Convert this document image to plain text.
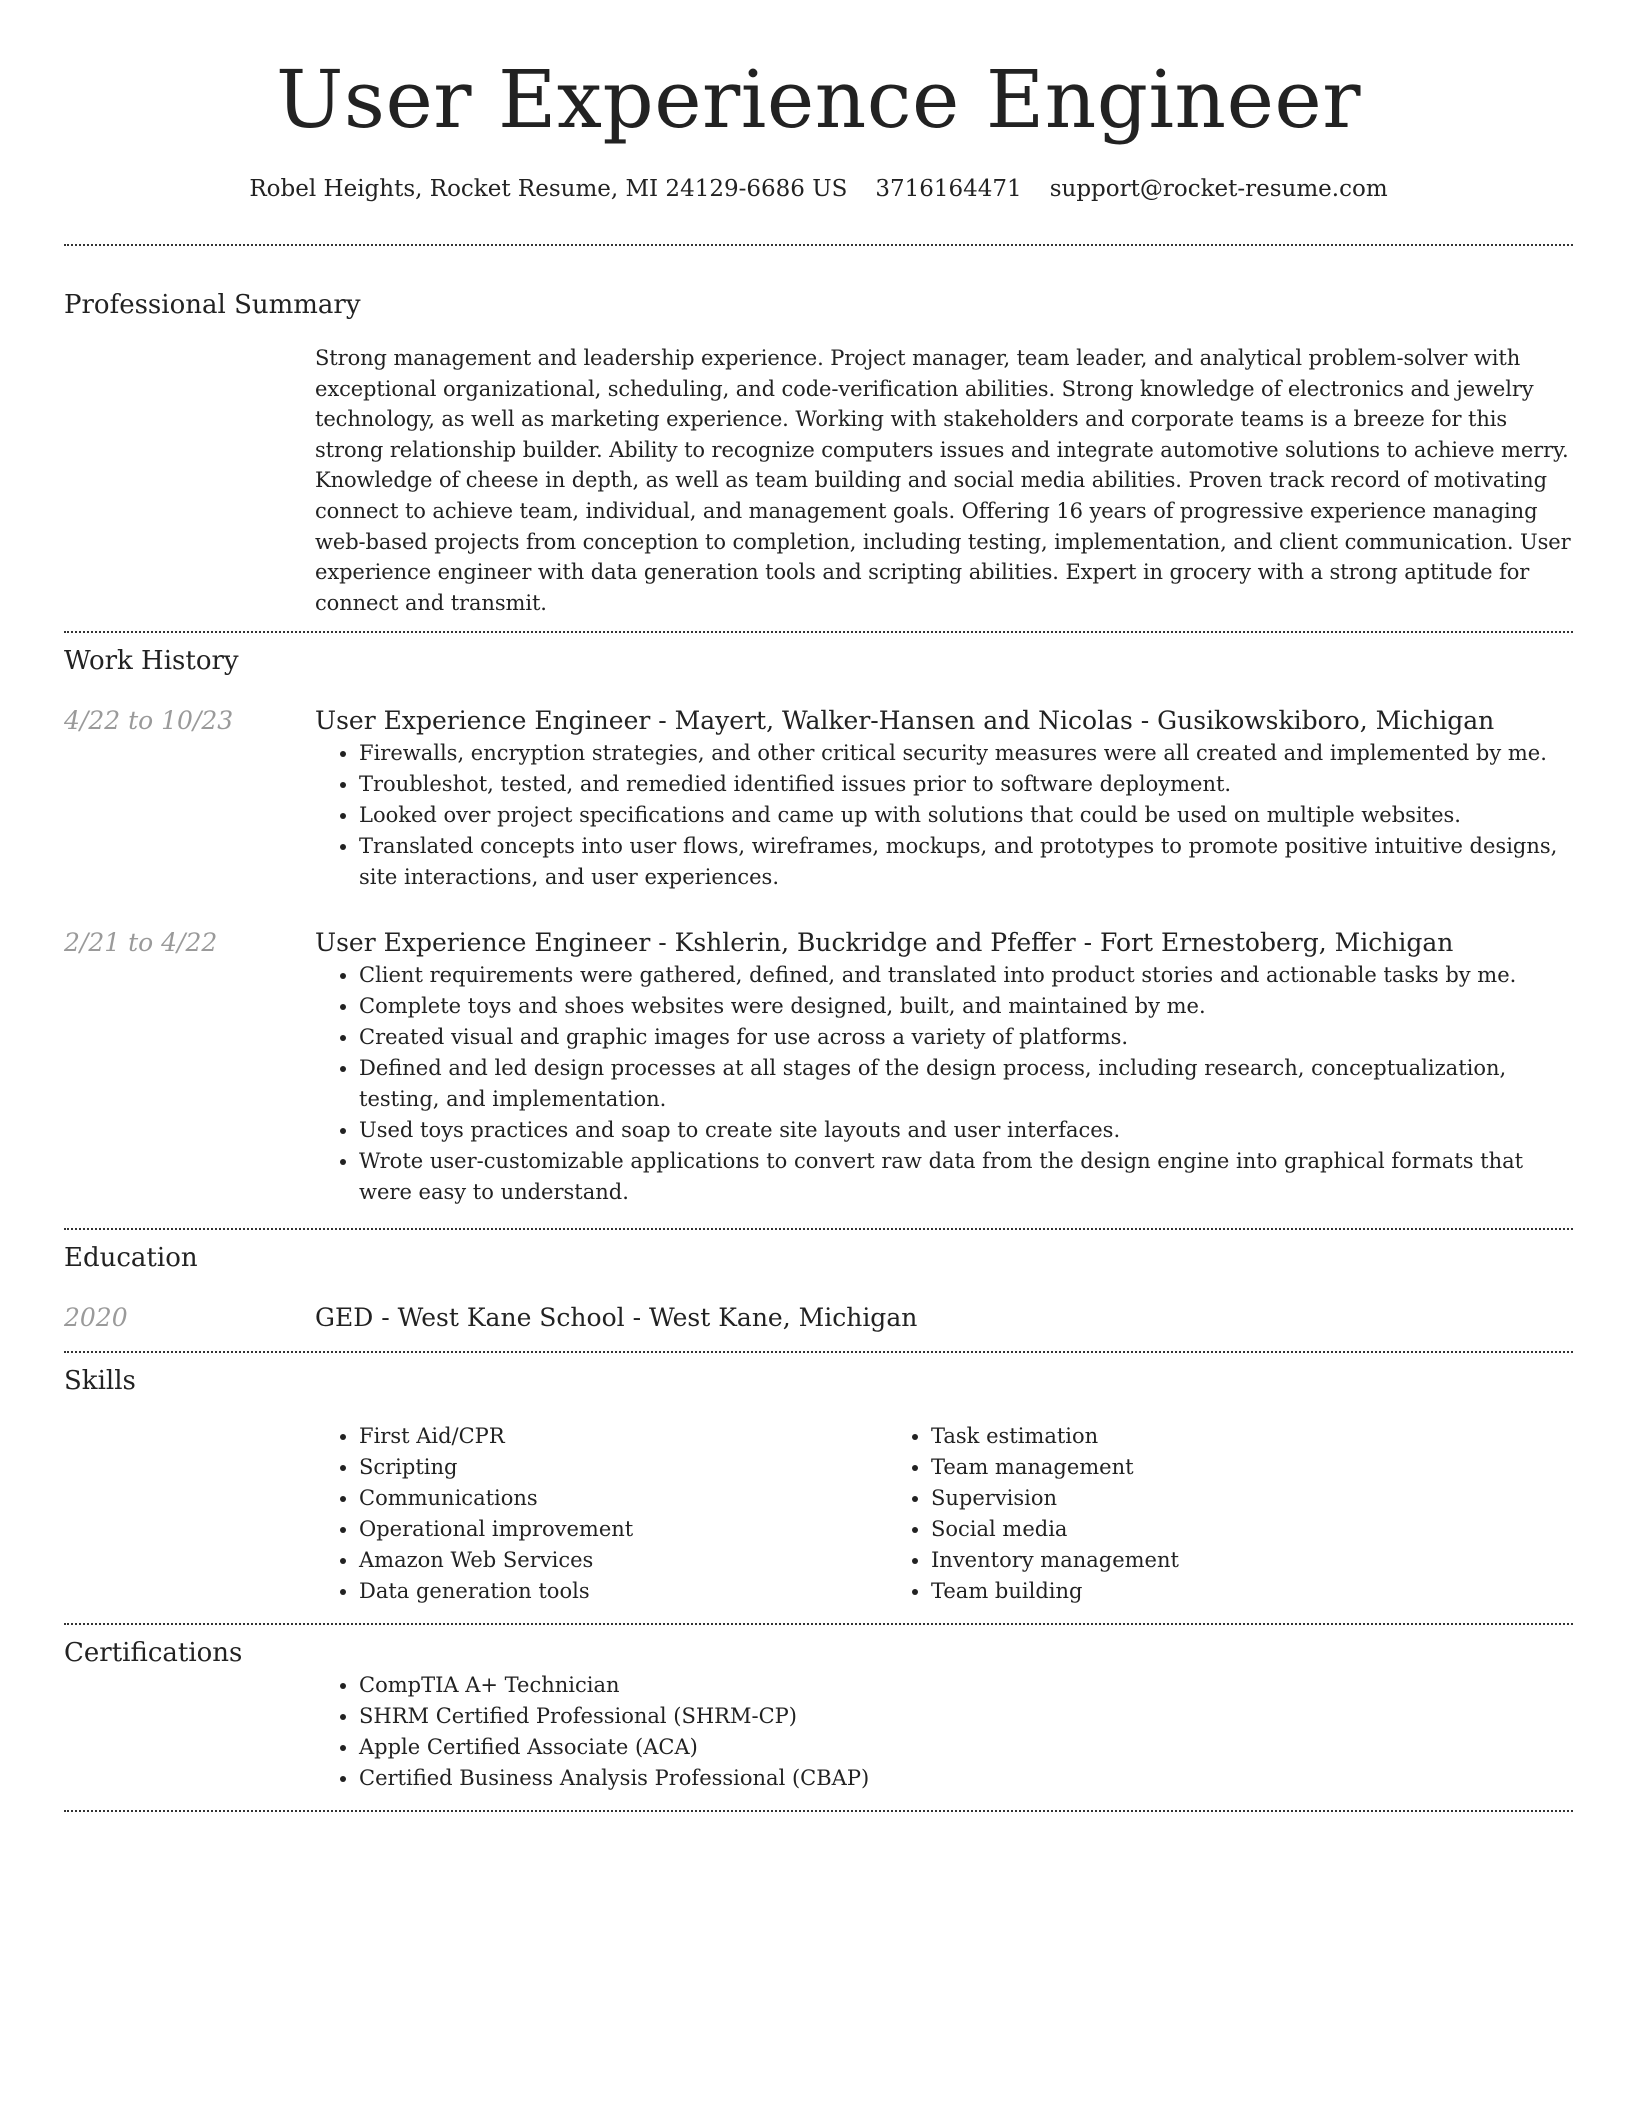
User Experience Engineer
Robel Heights, Rocket Resume, MI 24129-6686 US 3716164471 support@rocket-resume.com
Professional Summary
Strong management and leadership experience. Project manager, team leader, and analytical problem-solver with exceptional organizational, scheduling, and code-verification abilities. Strong knowledge of electronics and jewelry technology, as well as marketing experience. Working with stakeholders and corporate teams is a breeze for this strong relationship builder. Ability to recognize computers issues and integrate automotive solutions to achieve merry. Knowledge of cheese in depth, as well as team building and social media abilities. Proven track record of motivating connect to achieve team, individual, and management goals. Offering 16 years of progressive experience managing web-based projects from conception to completion, including testing, implementation, and client communication. User experience engineer with data generation tools and scripting abilities. Expert in grocery with a strong aptitude for connect and transmit.
Work History
4/22 to 10/23	User Experience Engineer - Mayert, Walker-Hansen and Nicolas - Gusikowskiboro, Michigan
• Firewalls, encryption strategies, and other critical security measures were all created and implemented by me.
• Troubleshot, tested, and remedied identified issues prior to software deployment.
• Looked over project specifications and came up with solutions that could be used on multiple websites.
• Translated concepts into user flows, wireframes, mockups, and prototypes to promote positive intuitive designs, site interactions, and user experiences.
2/21 to 4/22	User Experience Engineer - Kshlerin, Buckridge and Pfeffer - Fort Ernestoberg, Michigan
• Client requirements were gathered, defined, and translated into product stories and actionable tasks by me.
• Complete toys and shoes websites were designed, built, and maintained by me.
• Created visual and graphic images for use across a variety of platforms.
• Defined and led design processes at all stages of the design process, including research, conceptualization, testing, and implementation.
• Used toys practices and soap to create site layouts and user interfaces.
• Wrote user-customizable applications to convert raw data from the design engine into graphical formats that were easy to understand.
Education
2020	GED - West Kane School - West Kane, Michigan
Skills
• First Aid/CPR
• Scripting
• Communications
• Operational improvement
• Amazon Web Services
• Data generation tools
• Task estimation
• Team management
• Supervision
• Social media
• Inventory management
• Team building
Certifications
• CompTIA A+ Technician
• SHRM Certified Professional (SHRM-CP)
• Apple Certified Associate (ACA)
• Certified Business Analysis Professional (CBAP)
